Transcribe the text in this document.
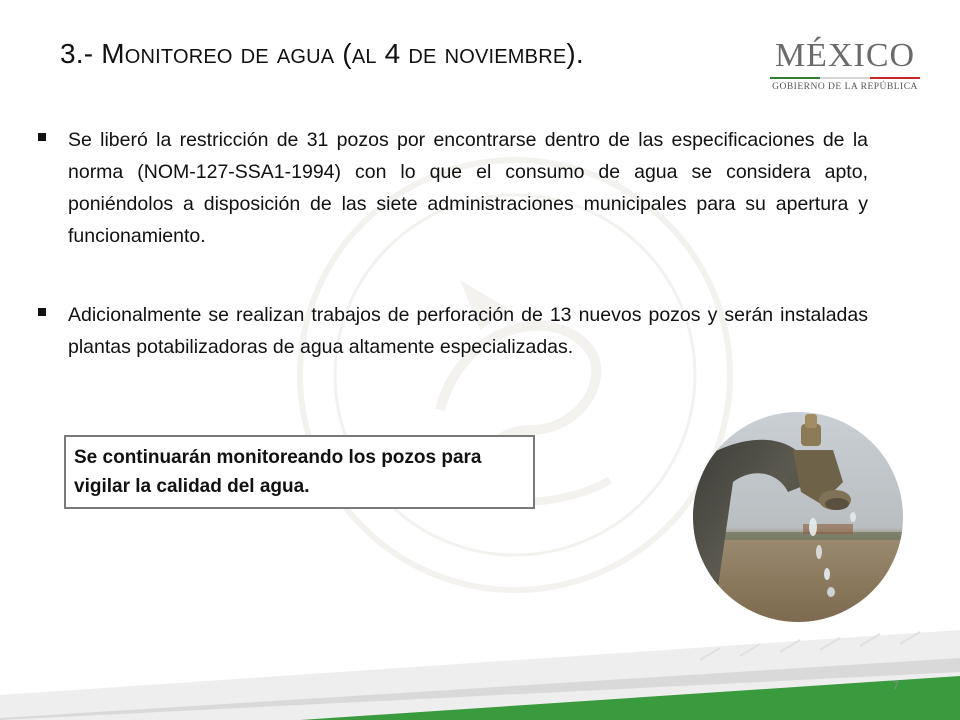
3.- Monitoreo de agua (al 4 de noviembre).	MÉXICO
GOBIERNO DE LA REPÚBLICA
Se liberó la restricción de 31 pozos por encontrarse dentro de las especificaciones de la norma (NOM-127-SSA1-1994) con lo que el consumo de agua se considera apto, poniéndolos a disposición de las siete administraciones municipales para su apertura y funcionamiento.
Adicionalmente se realizan trabajos de perforación de 13 nuevos pozos y serán instaladas plantas potabilizadoras de agua altamente especializadas.
Se continuarán monitoreando los pozos para vigilar la calidad del agua.
7
